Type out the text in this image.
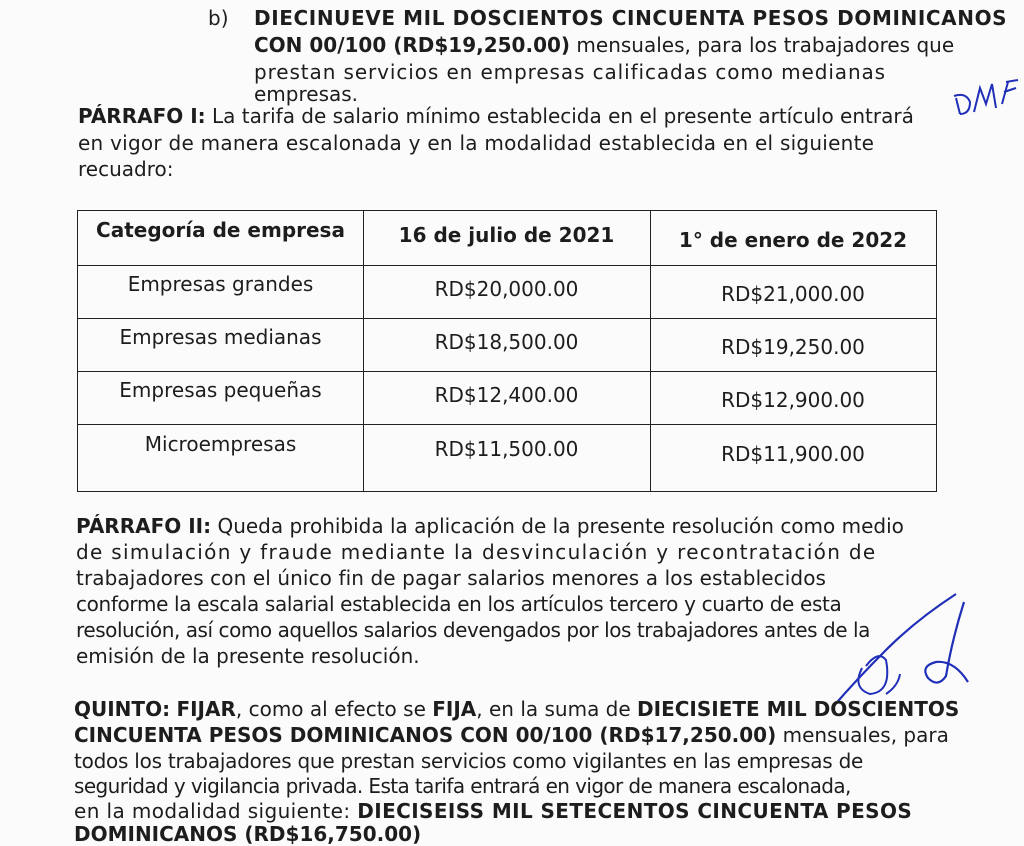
b) DIECINUEVE MIL DOSCIENTOS CINCUENTA PESOS DOMINICANOS
CON 00/100 (RD$19,250.00) mensuales, para los trabajadores que
prestan servicios en empresas calificadas como medianas
empresas.
PÁRRAFO I: La tarifa de salario mínimo establecida en el presente artículo entrará
en vigor de manera escalonada y en la modalidad establecida en el siguiente
recuadro:
Categoría de empresa	16 de julio de 2021	1° de enero de 2022
Empresas grandes	RD$20,000.00	RD$21,000.00
Empresas medianas	RD$18,500.00	RD$19,250.00
Empresas pequeñas	RD$12,400.00	RD$12,900.00
Microempresas	RD$11,500.00	RD$11,900.00
PÁRRAFO II: Queda prohibida la aplicación de la presente resolución como medio
de simulación y fraude mediante la desvinculación y recontratación de
trabajadores con el único fin de pagar salarios menores a los establecidos
conforme la escala salarial establecida en los artículos tercero y cuarto de esta
resolución, así como aquellos salarios devengados por los trabajadores antes de la
emisión de la presente resolución.
QUINTO: FIJAR, como al efecto se FIJA, en la suma de DIECISIETE MIL DOSCIENTOS
CINCUENTA PESOS DOMINICANOS CON 00/100 (RD$17,250.00) mensuales, para
todos los trabajadores que prestan servicios como vigilantes en las empresas de
seguridad y vigilancia privada. Esta tarifa entrará en vigor de manera escalonada,
en la modalidad siguiente: DIECISEISS MIL SETECENTOS CINCUENTA PESOS
DOMINICANOS (RD$16,750.00)
